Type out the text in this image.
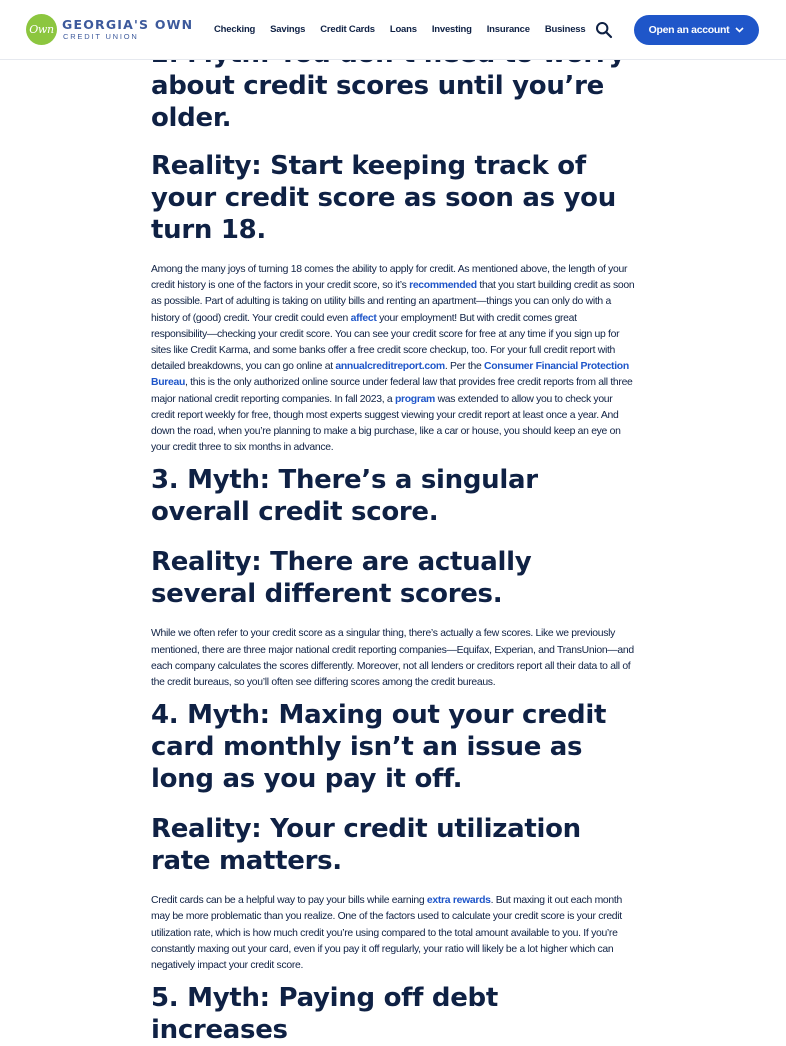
about credit scores until you’re older.
Reality: Start keeping track of your credit score as soon as you turn 18.

Among the many joys of turning 18 comes the ability to apply for credit. As mentioned above, the length of your credit history is one of the factors in your credit score, so it’s recommended that you start building credit as soon as possible. Part of adulting is taking on utility bills and renting an apartment—things you can only do with a history of (good) credit. Your credit could even affect your employment! But with credit comes great responsibility—checking your credit score. You can see your credit score for free at any time if you sign up for sites like Credit Karma, and some banks offer a free credit score checkup, too. For your full credit report with detailed breakdowns, you can go online at annualcreditreport.com. Per the Consumer Financial Protection Bureau, this is the only authorized online source under federal law that provides free credit reports from all three major national credit reporting companies. In fall 2023, a program was extended to allow you to check your credit report weekly for free, though most experts suggest viewing your credit report at least once a year. And down the road, when you’re planning to make a big purchase, like a car or house, you should keep an eye on your credit three to six months in advance.

3. Myth: There’s a singular overall credit score.
Reality: There are actually several different scores.

While we often refer to your credit score as a singular thing, there’s actually a few scores. Like we previously mentioned, there are three major national credit reporting companies—Equifax, Experian, and TransUnion—and each company calculates the scores differently. Moreover, not all lenders or creditors report all their data to all of the credit bureaus, so you’ll often see differing scores among the credit bureaus.

4. Myth: Maxing out your credit card monthly isn’t an issue as long as you pay it off.
Reality: Your credit utilization rate matters.

Credit cards can be a helpful way to pay your bills while earning extra rewards. But maxing it out each month may be more problematic than you realize. One of the factors used to calculate your credit score is your credit utilization rate, which is how much credit you’re using compared to the total amount available to you. If you’re constantly maxing out your card, even if you pay it off regularly, your ratio will likely be a lot higher which can negatively impact your credit score.

5. Myth: Paying off debt increases
Own GEORGIA'S OWN
CREDIT UNION
Checking Savings Credit Cards Loans Investing Insurance Business	Open an account
